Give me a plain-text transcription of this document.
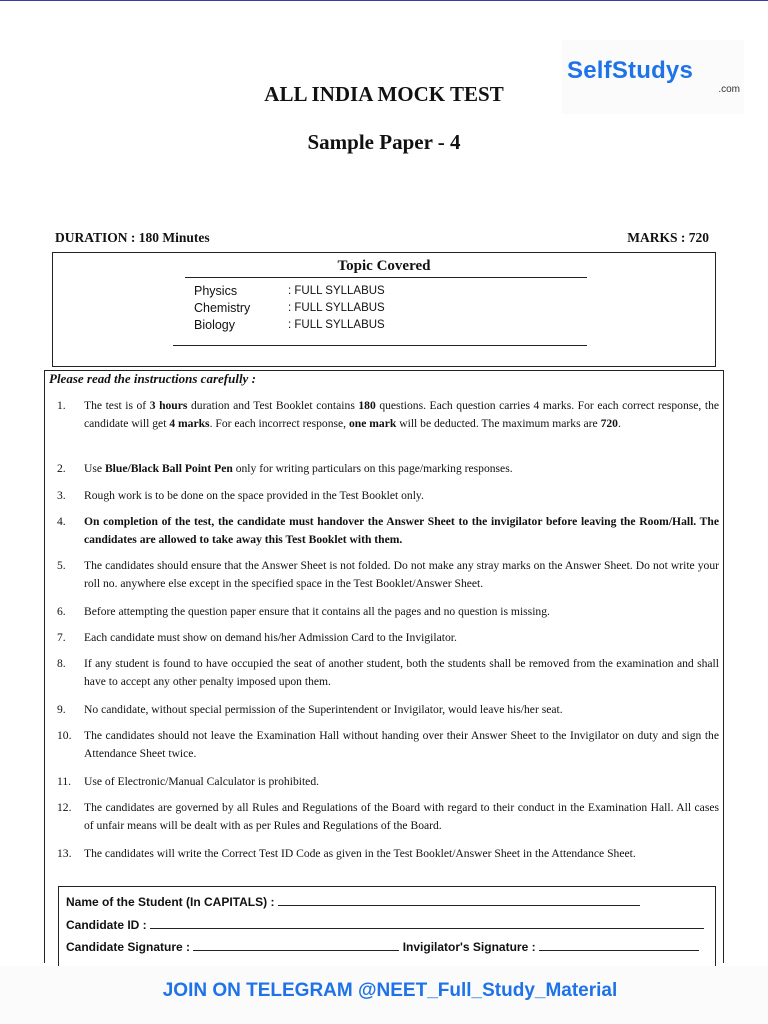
SelfStudys
.com
ALL INDIA MOCK TEST
Sample Paper - 4
DURATION : 180 Minutes	MARKS : 720
Topic Covered
Physics	: FULL SYLLABUS
Chemistry	: FULL SYLLABUS
Biology	: FULL SYLLABUS
Please read the instructions carefully :
1. The test is of 3 hours duration and Test Booklet contains 180 questions. Each question carries 4 marks. For each correct response, the candidate will get 4 marks. For each incorrect response, one mark will be deducted. The maximum marks are 720.
2. Use Blue/Black Ball Point Pen only for writing particulars on this page/marking responses.
3. Rough work is to be done on the space provided in the Test Booklet only.
4. On completion of the test, the candidate must handover the Answer Sheet to the invigilator before leaving the Room/Hall. The candidates are allowed to take away this Test Booklet with them.
5. The candidates should ensure that the Answer Sheet is not folded. Do not make any stray marks on the Answer Sheet. Do not write your roll no. anywhere else except in the specified space in the Test Booklet/Answer Sheet.
6. Before attempting the question paper ensure that it contains all the pages and no question is missing.
7. Each candidate must show on demand his/her Admission Card to the Invigilator.
8. If any student is found to have occupied the seat of another student, both the students shall be removed from the examination and shall have to accept any other penalty imposed upon them.
9. No candidate, without special permission of the Superintendent or Invigilator, would leave his/her seat.
10. The candidates should not leave the Examination Hall without handing over their Answer Sheet to the Invigilator on duty and sign the Attendance Sheet twice.
11. Use of Electronic/Manual Calculator is prohibited.
12. The candidates are governed by all Rules and Regulations of the Board with regard to their conduct in the Examination Hall. All cases of unfair means will be dealt with as per Rules and Regulations of the Board.
13. The candidates will write the Correct Test ID Code as given in the Test Booklet/Answer Sheet in the Attendance Sheet.
Name of the Student (In CAPITALS) :
Candidate ID :
Candidate Signature :	Invigilator's Signature :
JOIN ON TELEGRAM @NEET_Full_Study_Material
